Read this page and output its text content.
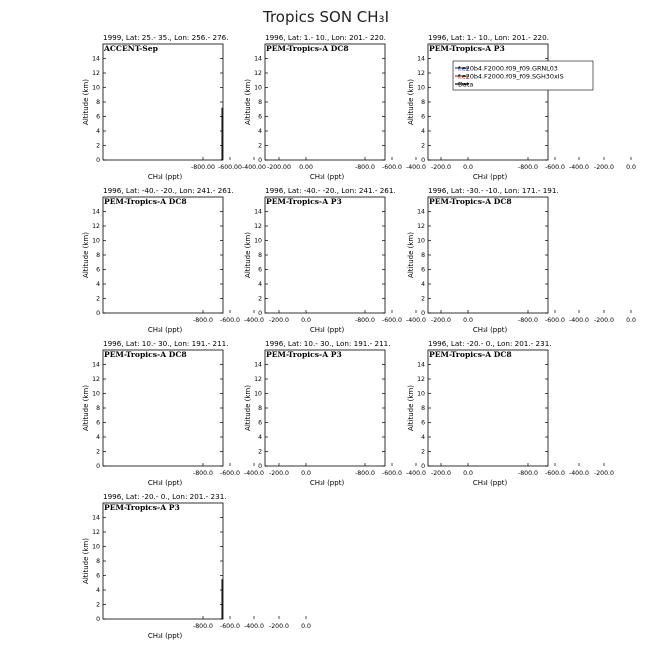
Tropics SON CH₃I
1999, Lat: 25.- 35., Lon: 256.- 276.
ACCENT-Sep
0
2
4
6
8
10
12
14
Altitude (km)
-800.00 -600.00 -400.00 -200.00 0.00
CH₃I (ppt)
1996, Lat: 1.- 10., Lon: 201.- 220.
PEM-Tropics-A DC8
0
2
4
6
8
10
12
14
Altitude (km)
-800.0 -600.0 -400.0 -200.0 0.0
CH₃I (ppt)
1996, Lat: 1.- 10., Lon: 201.- 220.
PEM-Tropics-A P3
0
2
4
6
8
10
12
14
Altitude (km)
-800.0 -600.0 -400.0 -200.0 0.0
CH₃I (ppt)
f.e20b4.F2000.f09_f09.GRNL03
f.e20b4.F2000.f09_f09.SGH30xIS
Data
1996, Lat: -40.- -20., Lon: 241.- 261.
PEM-Tropics-A DC8
0
2
4
6
8
10
12
14
Altitude (km)
-800.0 -600.0 -400.0 -200.0 0.0
CH₃I (ppt)
1996, Lat: -40.- -20., Lon: 241.- 261.
PEM-Tropics-A P3
0
2
4
6
8
10
12
14
Altitude (km)
-800.0 -600.0 -400.0 -200.0 0.0
CH₃I (ppt)
1996, Lat: -30.- -10., Lon: 171.- 191.
PEM-Tropics-A DC8
0
2
4
6
8
10
12
14
Altitude (km)
-800.0 -600.0 -400.0 -200.0 0.0
CH₃I (ppt)
1996, Lat: 10.- 30., Lon: 191.- 211.
PEM-Tropics-A DC8
0
2
4
6
8
10
12
14
Altitude (km)
-800.0 -600.0 -400.0 -200.0 0.0
CH₃I (ppt)
1996, Lat: 10.- 30., Lon: 191.- 211.
PEM-Tropics-A P3
0
2
4
6
8
10
12
14
Altitude (km)
-800.0 -600.0 -400.0 -200.0 0.0
CH₃I (ppt)
1996, Lat: -20.- 0., Lon: 201.- 231.
PEM-Tropics-A DC8
0
2
4
6
8
10
12
14
Altitude (km)
-800.0 -600.0 -400.0 -200.0
CH₃I (ppt)
1996, Lat: -20.- 0., Lon: 201.- 231.
PEM-Tropics-A P3
0
2
4
6
8
10
12
14
Altitude (km)
-800.0 -600.0 -400.0 -200.0 0.0
CH₃I (ppt)
